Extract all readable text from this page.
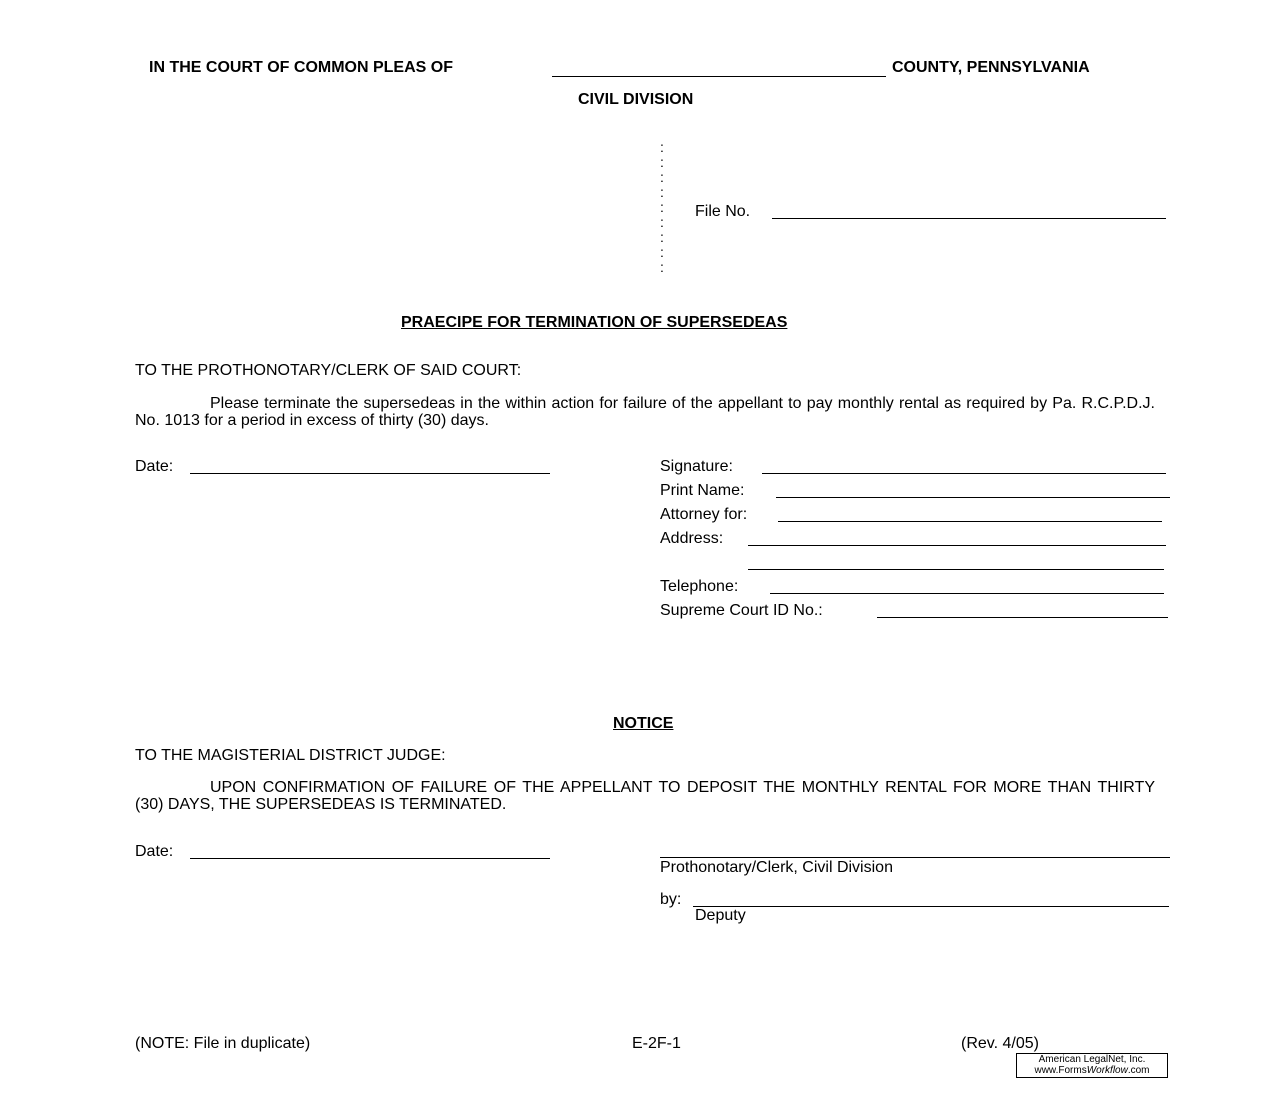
IN THE COURT OF COMMON PLEAS OF	COUNTY, PENNSYLVANIA
CIVIL DIVISION
:
:
:
:
:
:
:
:
:
File No.
PRAECIPE FOR TERMINATION OF SUPERSEDEAS
TO THE PROTHONOTARY/CLERK OF SAID COURT:
Please terminate the supersedeas in the within action for failure of the appellant to pay monthly rental as required by Pa. R.C.P.D.J. No. 1013 for a period in excess of thirty (30) days.
Date:	Signature:
Print Name:
Attorney for:
Address:
Telephone:
Supreme Court ID No.:
NOTICE
TO THE MAGISTERIAL DISTRICT JUDGE:
UPON CONFIRMATION OF FAILURE OF THE APPELLANT TO DEPOSIT THE MONTHLY RENTAL FOR MORE THAN THIRTY (30) DAYS, THE SUPERSEDEAS IS TERMINATED.
Date:
Prothonotary/Clerk, Civil Division
by:
Deputy
(NOTE: File in duplicate)	E-2F-1	(Rev. 4/05)
American LegalNet, Inc.
www.FormsWorkflow.com
